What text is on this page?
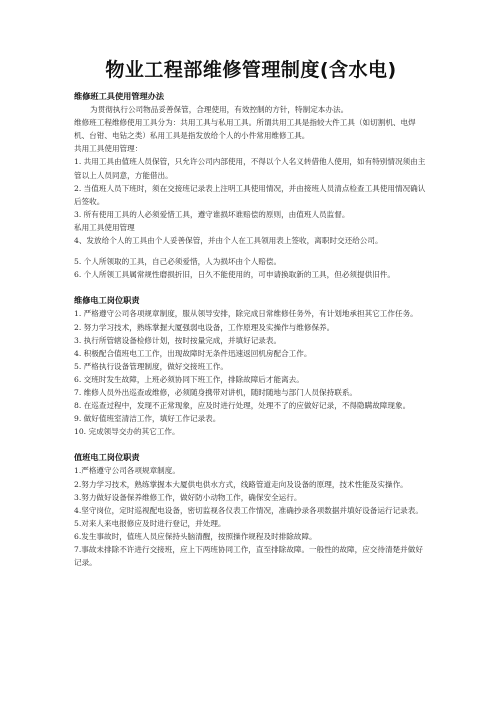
物业工程部维修管理制度(含水电)

维修班工具使用管理办法

为贯彻执行公司物品妥善保管，合理使用，有效控制的方针，特制定本办法。

维修班工程维修使用工具分为：共用工具与私用工具。所谓共用工具是指较大件工具（如切割机、电焊机、台钳、电钻之类）私用工具是指发放给个人的小件常用维修工具。

共用工具使用管理：

1. 共用工具由值班人员保管，只允许公司内部使用，不得以个人名义转借他人使用，如有特别情况须由主管以上人员同意，方能借出。

2. 当值班人员下班时，须在交接班记录表上注明工具使用情况，并由接班人员清点检查工具使用情况确认后签收。

3. 所有使用工具的人必须爱惜工具，遵守谁损坏谁赔偿的原则，由值班人员监督。

私用工具使用管理

4、发放给个人的工具由个人妥善保管，并由个人在工具领用表上签收，离职时交还给公司。

5. 个人所领取的工具，自己必须爱惜，人为损坏由个人赔偿。

6. 个人所领工具属常规性磨损折旧，日久不能使用的，可申请换取新的工具，但必须提供旧件。

维修电工岗位职责

1. 严格遵守公司各项规章制度，服从领导安排，除完成日常维修任务外，有计划地承担其它工作任务。

2. 努力学习技术，熟练掌握大厦强弱电设备，工作原理及实操作与维修保养。

3. 执行所管辖设备检修计划，按时按量完成，并填好记录表。

4. 积极配合值班电工工作，出现故障时无条件迅速返回机房配合工作。

5. 严格执行设备管理制度，做好交接班工作。

6. 交班时发生故障，上班必须协同下班工作，排除故障后才能离去。

7. 维修人员外出巡查或维修，必须随身携带对讲机，随时随地与部门人员保持联系。

8. 在巡查过程中，发现不正常现象，应及时进行处理，处理不了的应做好记录，不得隐瞒故障现象。

9. 做好值班室清洁工作，填好工作记录表。

10. 完成领导交办的其它工作。

值班电工岗位职责

1.严格遵守公司各项规章制度。

2.努力学习技术，熟练掌握本大厦供电供水方式，线路管道走向及设备的原理，技术性能及实操作。

3.努力做好设备保养维修工作，做好防小动物工作，确保安全运行。

4.坚守岗位，定时巡视配电设备，密切监视各仪表工作情况，准确抄录各项数据并填好设备运行记录表。

5.对来人来电报修应及时进行登记，并处理。

6.发生事故时，值班人员应保持头脑清醒，按照操作规程及时排除故障。

7.事故未排除不许进行交接班，应上下两班协同工作，直至排除故障。一般性的故障，应交待清楚并做好记录。
